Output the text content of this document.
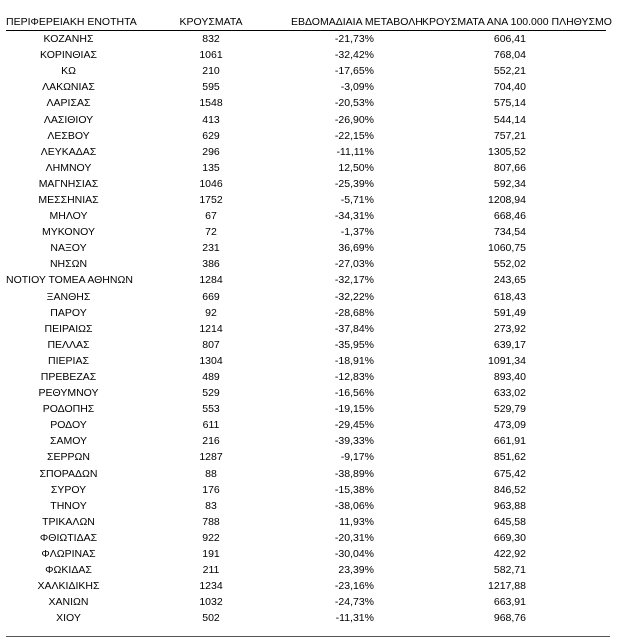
ΠΕΡΙΦΕΡΕΙΑΚΗ ΕΝΟΤΗΤΑ	ΚΡΟΥΣΜΑΤΑ	ΕΒΔΟΜΑΔΙΑΙΑ ΜΕΤΑΒΟΛΗ	ΚΡΟΥΣΜΑΤΑ ΑΝΑ 100.000 ΠΛΗΘΥΣΜΟ
ΚΟΖΑΝΗΣ	832	-21,73%	606,41
ΚΟΡΙΝΘΙΑΣ	1061	-32,42%	768,04
ΚΩ	210	-17,65%	552,21
ΛΑΚΩΝΙΑΣ	595	-3,09%	704,40
ΛΑΡΙΣΑΣ	1548	-20,53%	575,14
ΛΑΣΙΘΙΟΥ	413	-26,90%	544,14
ΛΕΣΒΟΥ	629	-22,15%	757,21
ΛΕΥΚΑΔΑΣ	296	-11,11%	1305,52
ΛΗΜΝΟΥ	135	12,50%	807,66
ΜΑΓΝΗΣΙΑΣ	1046	-25,39%	592,34
ΜΕΣΣΗΝΙΑΣ	1752	-5,71%	1208,94
ΜΗΛΟΥ	67	-34,31%	668,46
ΜΥΚΟΝΟΥ	72	-1,37%	734,54
ΝΑΞΟΥ	231	36,69%	1060,75
ΝΗΣΩΝ	386	-27,03%	552,02
ΝΟΤΙΟΥ ΤΟΜΕΑ ΑΘΗΝΩΝ	1284	-32,17%	243,65
ΞΑΝΘΗΣ	669	-32,22%	618,43
ΠΑΡΟΥ	92	-28,68%	591,49
ΠΕΙΡΑΙΩΣ	1214	-37,84%	273,92
ΠΕΛΛΑΣ	807	-35,95%	639,17
ΠΙΕΡΙΑΣ	1304	-18,91%	1091,34
ΠΡΕΒΕΖΑΣ	489	-12,83%	893,40
ΡΕΘΥΜΝΟΥ	529	-16,56%	633,02
ΡΟΔΟΠΗΣ	553	-19,15%	529,79
ΡΟΔΟΥ	611	-29,45%	473,09
ΣΑΜΟΥ	216	-39,33%	661,91
ΣΕΡΡΩΝ	1287	-9,17%	851,62
ΣΠΟΡΑΔΩΝ	88	-38,89%	675,42
ΣΥΡΟΥ	176	-15,38%	846,52
ΤΗΝΟΥ	83	-38,06%	963,88
ΤΡΙΚΑΛΩΝ	788	11,93%	645,58
ΦΘΙΩΤΙΔΑΣ	922	-20,31%	669,30
ΦΛΩΡΙΝΑΣ	191	-30,04%	422,92
ΦΩΚΙΔΑΣ	211	23,39%	582,71
ΧΑΛΚΙΔΙΚΗΣ	1234	-23,16%	1217,88
ΧΑΝΙΩΝ	1032	-24,73%	663,91
ΧΙΟΥ	502	-11,31%	968,76
